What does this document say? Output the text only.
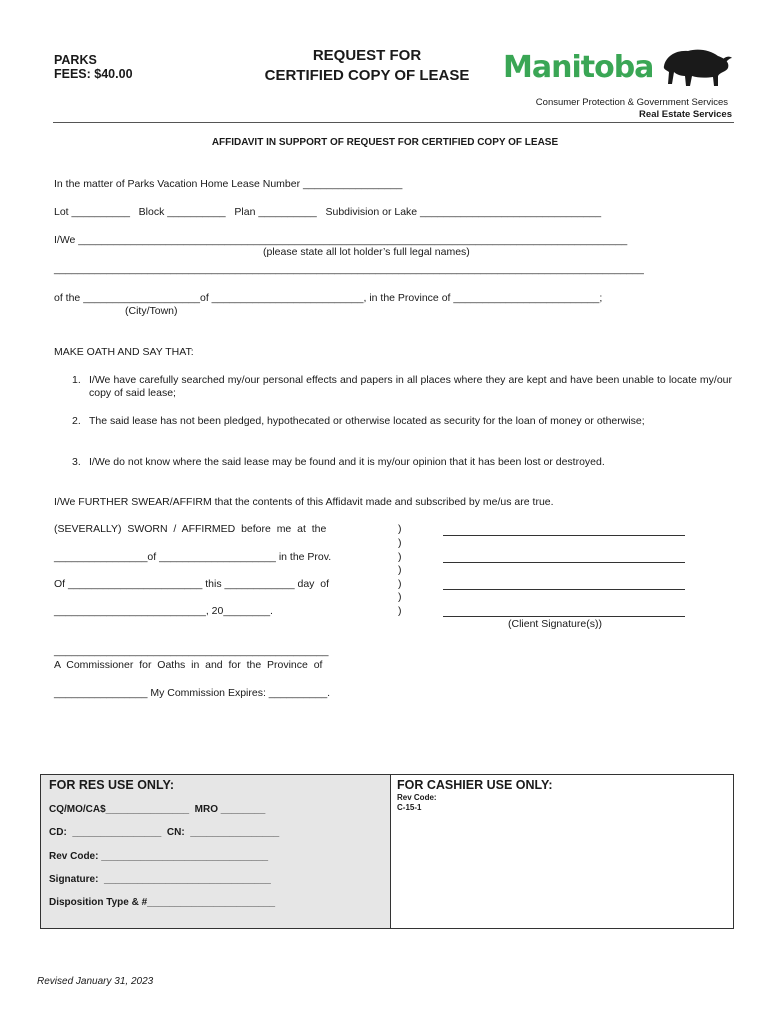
PARKS
FEES: $40.00
REQUEST FOR
CERTIFIED COPY OF LEASE	Manitoba
Consumer Protection & Government Services
Real Estate Services
AFFIDAVIT IN SUPPORT OF REQUEST FOR CERTIFIED COPY OF LEASE
In the matter of Parks Vacation Home Lease Number _________________
Lot __________   Block __________   Plan __________   Subdivision or Lake _______________________________
I/We ______________________________________________________________________________________________
(please state all lot holder’s full legal names)
_____________________________________________________________________________________________________
of the ____________________of __________________________, in the Province of _________________________;
(City/Town)
MAKE OATH AND SAY THAT:
1. I/We have carefully searched my/our personal effects and papers in all places where they are kept and have been unable to locate my/our copy of said lease;
2. The said lease has not been pledged, hypothecated or otherwise located as security for the loan of money or otherwise;
3. I/We do not know where the said lease may be found and it is my/our opinion that it has been lost or destroyed.
I/We FURTHER SWEAR/AFFIRM that the contents of this Affidavit made and subscribed by me/us are true.
(SEVERALLY)  SWORN  /  AFFIRMED  before  me  at  the
________________of ____________________ in the Prov.
Of _______________________ this ____________ day  of
__________________________, 20________.
)
)
)
)
)
)
)
(Client Signature(s))
_______________________________________________
A  Commissioner  for  Oaths  in  and  for  the  Province  of
________________ My Commission Expires: __________.
FOR RES USE ONLY:
CQ/MO/CA$_______________  MRO ________
CD:  ________________  CN:  ________________
Rev Code: ______________________________
Signature:  ______________________________
Disposition Type & #_______________________
FOR CASHIER USE ONLY:
Rev Code:
C-15-1
Revised January 31, 2023
